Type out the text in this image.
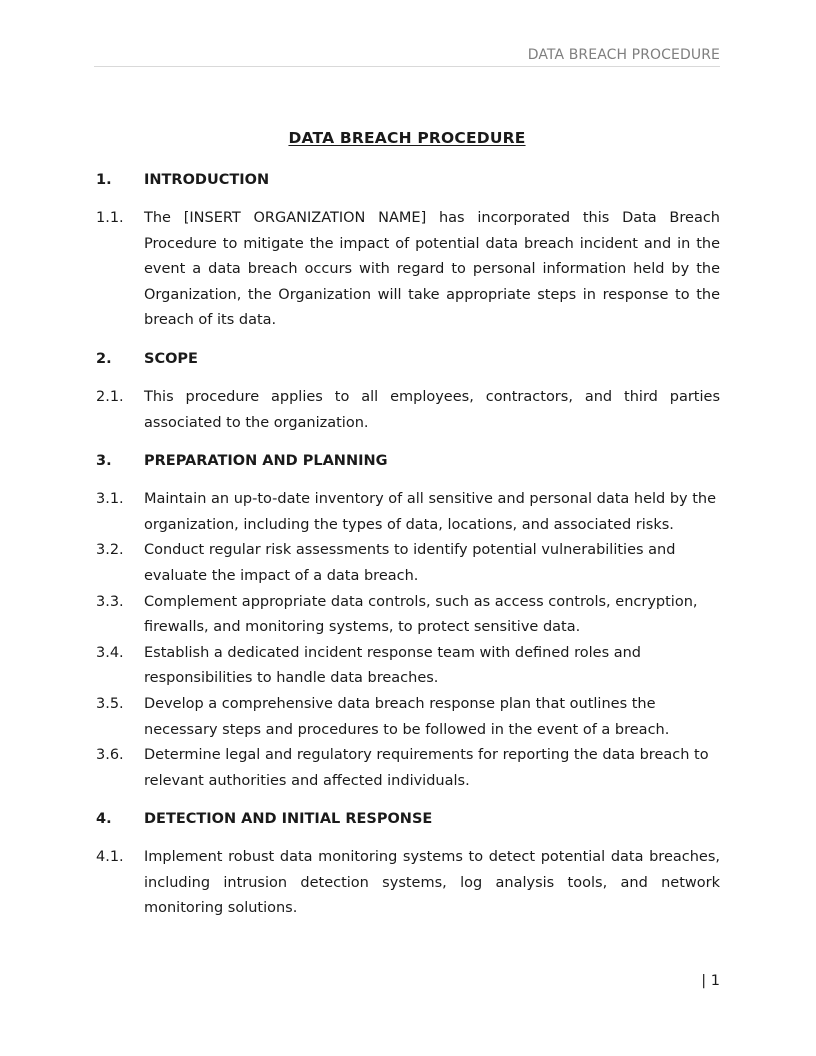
DATA BREACH PROCEDURE
DATA BREACH PROCEDURE
1.	INTRODUCTION
1.1.	The [INSERT ORGANIZATION NAME] has incorporated this Data Breach Procedure to mitigate the impact of potential data breach incident and in the event a data breach occurs with regard to personal information held by the Organization, the Organization will take appropriate steps in response to the breach of its data.
2.	SCOPE
2.1.	This procedure applies to all employees, contractors, and third parties associated to the organization.
3.	PREPARATION AND PLANNING
3.1.	Maintain an up-to-date inventory of all sensitive and personal data held by the organization, including the types of data, locations, and associated risks.
3.2.	Conduct regular risk assessments to identify potential vulnerabilities and evaluate the impact of a data breach.
3.3.	Complement appropriate data controls, such as access controls, encryption, firewalls, and monitoring systems, to protect sensitive data.
3.4.	Establish a dedicated incident response team with defined roles and responsibilities to handle data breaches.
3.5.	Develop a comprehensive data breach response plan that outlines the necessary steps and procedures to be followed in the event of a breach.
3.6.	Determine legal and regulatory requirements for reporting the data breach to relevant authorities and affected individuals.
4.	DETECTION AND INITIAL RESPONSE
4.1.	Implement robust data monitoring systems to detect potential data breaches, including intrusion detection systems, log analysis tools, and network monitoring solutions.
| 1
